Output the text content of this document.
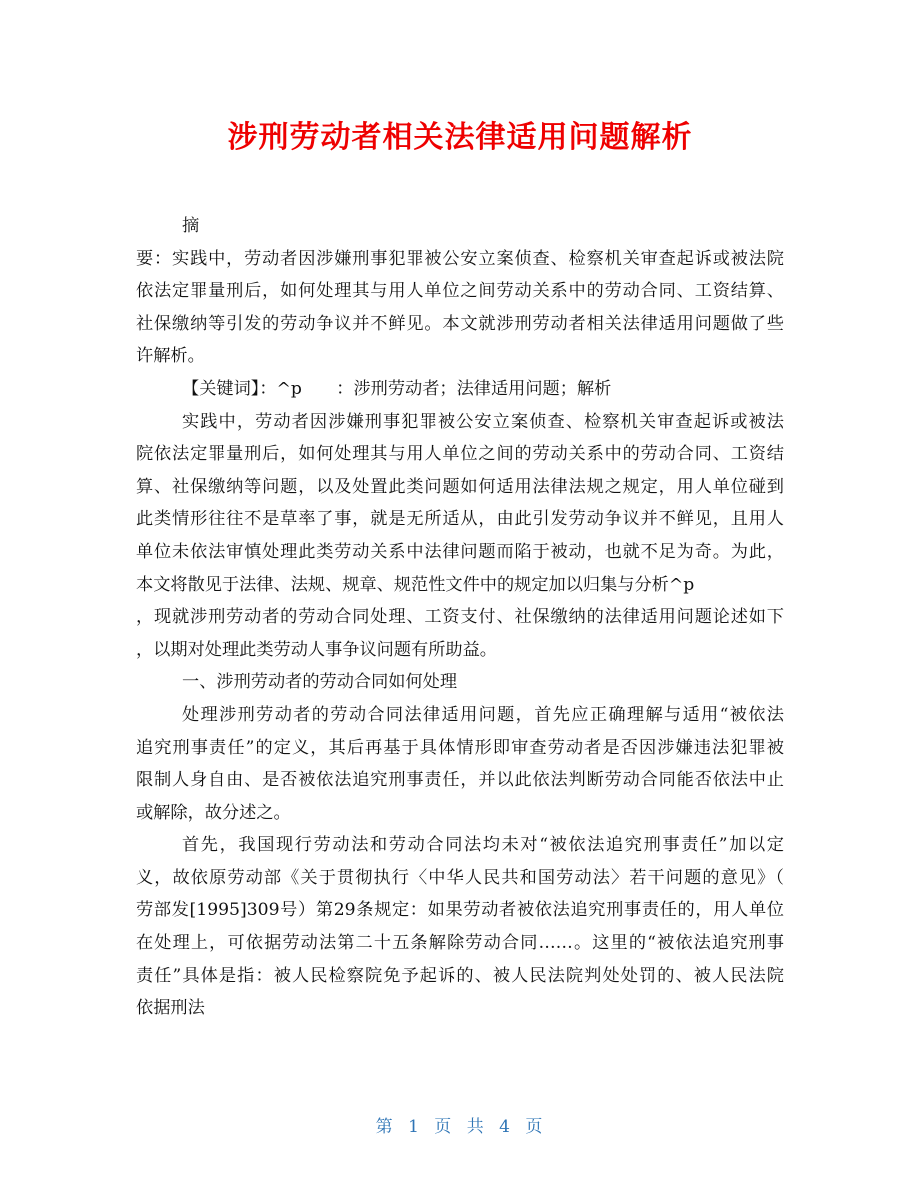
涉刑劳动者相关法律适用问题解析
摘
要：实践中，劳动者因涉嫌刑事犯罪被公安立案侦查、检察机关审查起诉或被法院
依法定罪量刑后，如何处理其与用人单位之间劳动关系中的劳动合同、工资结算、
社保缴纳等引发的劳动争议并不鲜见。本文就涉刑劳动者相关法律适用问题做了些
许解析。
【关键词】：^p　　：涉刑劳动者；法律适用问题；解析
实践中，劳动者因涉嫌刑事犯罪被公安立案侦查、检察机关审查起诉或被法
院依法定罪量刑后，如何处理其与用人单位之间的劳动关系中的劳动合同、工资结
算、社保缴纳等问题，以及处置此类问题如何适用法律法规之规定，用人单位碰到
此类情形往往不是草率了事，就是无所适从，由此引发劳动争议并不鲜见，且用人
单位未依法审慎处理此类劳动关系中法律问题而陷于被动，也就不足为奇。为此，
本文将散见于法律、法规、规章、规范性文件中的规定加以归集与分析^p
，现就涉刑劳动者的劳动合同处理、工资支付、社保缴纳的法律适用问题论述如下
，以期对处理此类劳动人事争议问题有所助益。
一、涉刑劳动者的劳动合同如何处理
处理涉刑劳动者的劳动合同法律适用问题，首先应正确理解与适用“被依法
追究刑事责任”的定义，其后再基于具体情形即审查劳动者是否因涉嫌违法犯罪被
限制人身自由、是否被依法追究刑事责任，并以此依法判断劳动合同能否依法中止
或解除，故分述之。
首先，我国现行劳动法和劳动合同法均未对“被依法追究刑事责任”加以定
义，故依原劳动部《关于贯彻执行〈中华人民共和国劳动法〉若干问题的意见》（
劳部发[1995]309号）第29条规定：如果劳动者被依法追究刑事责任的，用人单位
在处理上，可依据劳动法第二十五条解除劳动合同……。这里的“被依法追究刑事
责任”具体是指：被人民检察院免予起诉的、被人民法院判处处罚的、被人民法院
依据刑法
第 1 页 共 4 页
